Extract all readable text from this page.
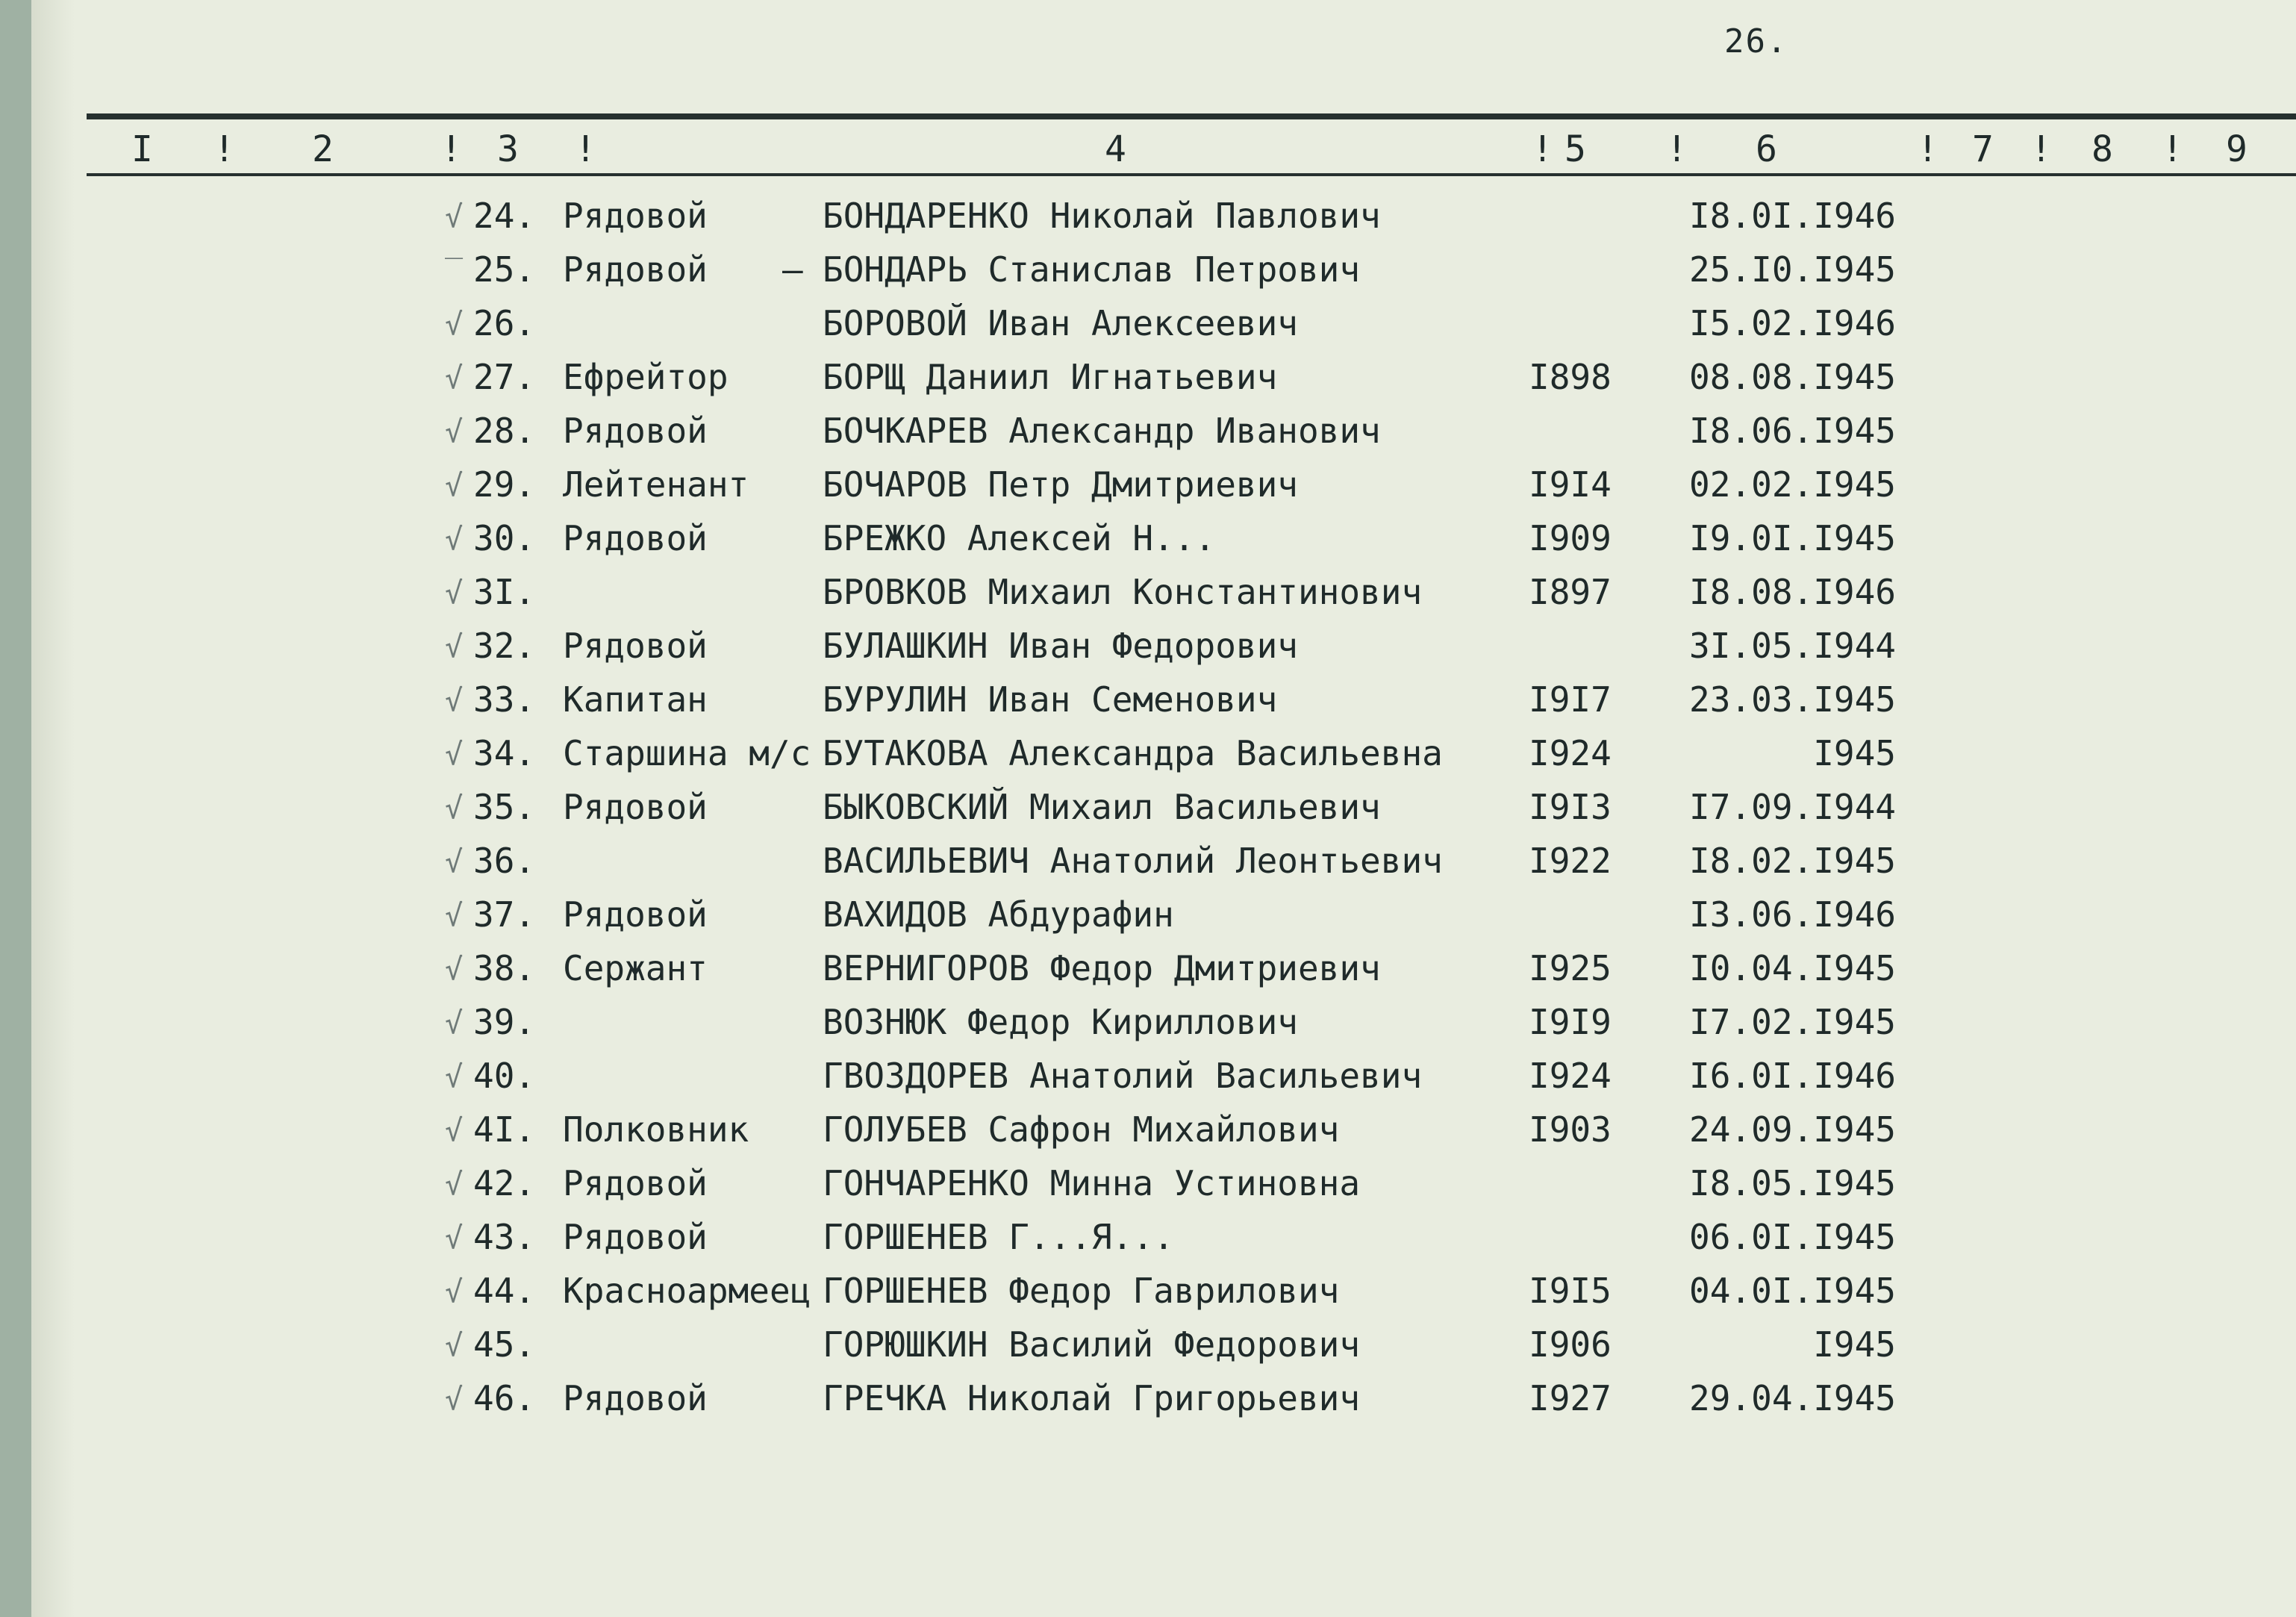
26.
I ! 2	! 3 !	4	! 5 ! 6	! 7 ! 8 ! 9
√ 24. Рядовой	БОНДАРЕНКО Николай Павлович	I8.0I.I946
‾ 25. Рядовой — БОНДАРЬ Станислав Петрович	25.I0.I945
√ 26.	БОРОВОЙ Иван Алексеевич	I5.02.I946
√ 27. Ефрейтор	БОРЩ Даниил Игнатьевич	I898	08.08.I945
√ 28. Рядовой	БОЧКАРЕВ Александр Иванович	I8.06.I945
√ 29. Лейтенант БОЧАРОВ Петр Дмитриевич	I9I4	02.02.I945
√ 30. Рядовой	БРЕЖКО Алексей Н...	I909	I9.0I.I945
√ 3I.	БРОВКОВ Михаил Константинович	I897	I8.08.I946
√ 32. Рядовой	БУЛАШКИН Иван Федорович	3I.05.I944
√ 33. Капитан	БУРУЛИН Иван Семенович	I9I7	23.03.I945
√ 34. Старшина м/с БУТАКОВА Александра Васильевна	I924	I945
√ 35. Рядовой	БЫКОВСКИЙ Михаил Васильевич	I9I3	I7.09.I944
√ 36.	ВАСИЛЬЕВИЧ Анатолий Леонтьевич	I922	I8.02.I945
√ 37. Рядовой	ВАХИДОВ Абдурафин	I3.06.I946
√ 38. Сержант	ВЕРНИГОРОВ Федор Дмитриевич	I925	I0.04.I945
√ 39.	ВОЗНЮК Федор Кириллович	I9I9	I7.02.I945
√ 40.	ГВОЗДОРЕВ Анатолий Васильевич	I924	I6.0I.I946
√ 4I. Полковник ГОЛУБЕВ Сафрон Михайлович	I903	24.09.I945
√ 42. Рядовой	ГОНЧАРЕНКО Минна Устиновна	I8.05.I945
√ 43. Рядовой	ГОРШЕНЕВ Г...Я...	06.0I.I945
√ 44. Красноармеец ГОРШЕНЕВ Федор Гаврилович	I9I5	04.0I.I945
√ 45.	ГОРЮШКИН Василий Федорович	I906	I945
√ 46. Рядовой	ГРЕЧКА Николай Григорьевич	I927	29.04.I945
